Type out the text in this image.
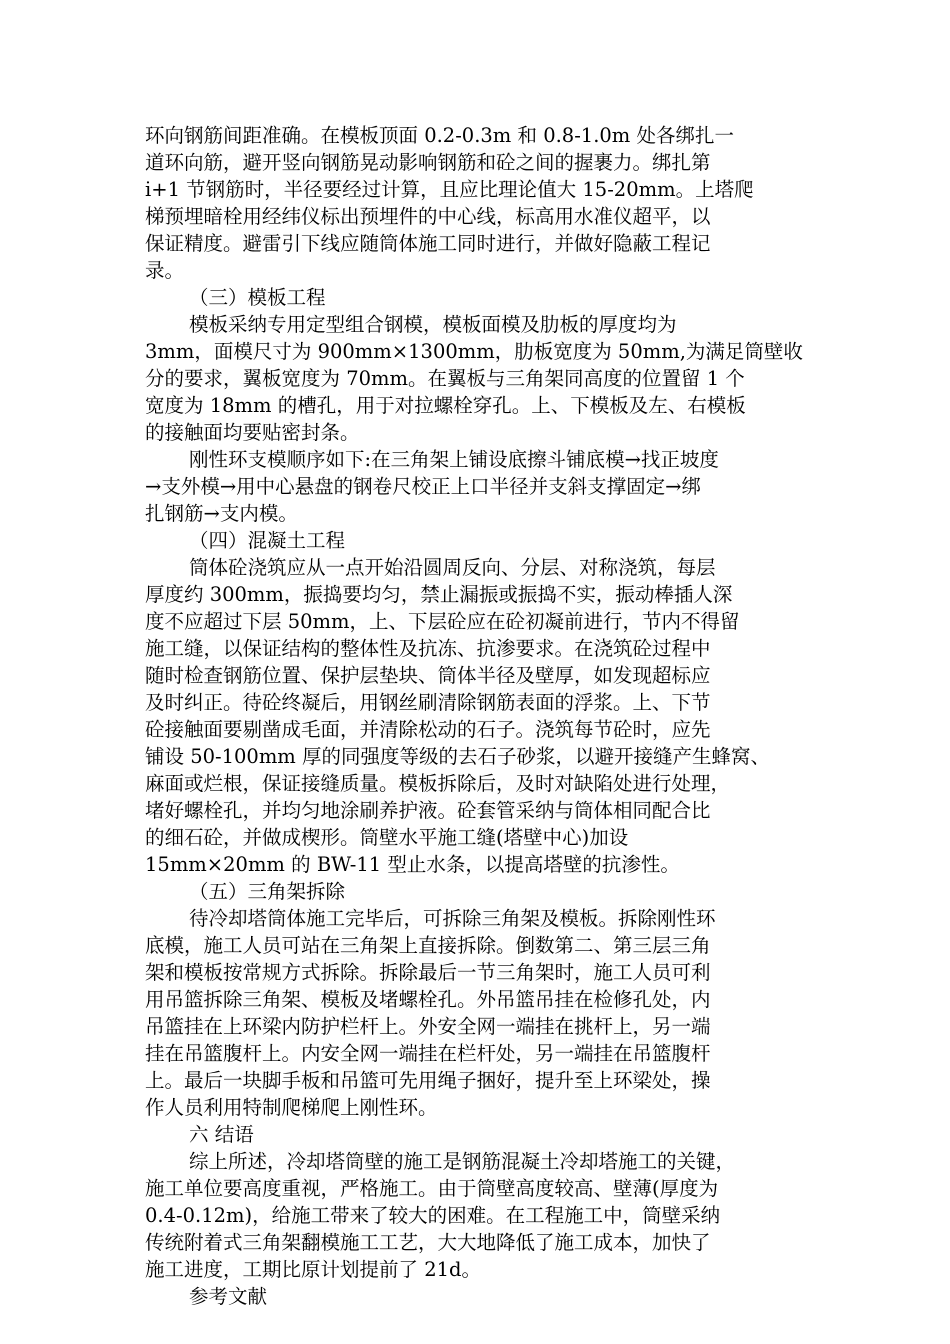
环向钢筋间距准确。在模板顶面 0.2-0.3m 和 0.8-1.0m 处各绑扎一
道环向筋，避开竖向钢筋晃动影响钢筋和砼之间的握裹力。绑扎第
i+1 节钢筋时，半径要经过计算，且应比理论值大 15-20mm。上塔爬
梯预埋暗栓用经纬仪标出预埋件的中心线，标高用水准仪超平，以
保证精度。避雷引下线应随筒体施工同时进行，并做好隐蔽工程记
录。
（三）模板工程
模板采纳专用定型组合钢模，模板面模及肋板的厚度均为
3mm，面模尺寸为 900mm×1300mm，肋板宽度为 50mm,为满足筒壁收
分的要求，翼板宽度为 70mm。在翼板与三角架同高度的位置留 1 个
宽度为 18mm 的槽孔，用于对拉螺栓穿孔。上、下模板及左、右模板
的接触面均要贴密封条。
刚性环支模顺序如下:在三角架上铺设底擦斗铺底模→找正坡度
→支外模→用中心悬盘的钢卷尺校正上口半径并支斜支撑固定→绑
扎钢筋→支内模。
（四）混凝土工程
筒体砼浇筑应从一点开始沿圆周反向、分层、对称浇筑，每层
厚度约 300mm，振捣要均匀，禁止漏振或振捣不实，振动棒插人深
度不应超过下层 50mm，上、下层砼应在砼初凝前进行，节内不得留
施工缝，以保证结构的整体性及抗冻、抗渗要求。在浇筑砼过程中
随时检查钢筋位置、保护层垫块、筒体半径及壁厚，如发现超标应
及时纠正。待砼终凝后，用钢丝刷清除钢筋表面的浮浆。上、下节
砼接触面要剔凿成毛面，并清除松动的石子。浇筑每节砼时，应先
铺设 50-100mm 厚的同强度等级的去石子砂浆，以避开接缝产生蜂窝、
麻面或烂根，保证接缝质量。模板拆除后，及时对缺陷处进行处理，
堵好螺栓孔，并均匀地涂刷养护液。砼套管采纳与筒体相同配合比
的细石砼，并做成楔形。筒壁水平施工缝(塔壁中心)加设
15mm×20mm 的 BW-11 型止水条，以提高塔壁的抗渗性。
（五）三角架拆除
待冷却塔筒体施工完毕后，可拆除三角架及模板。拆除刚性环
底模，施工人员可站在三角架上直接拆除。倒数第二、第三层三角
架和模板按常规方式拆除。拆除最后一节三角架时，施工人员可利
用吊篮拆除三角架、模板及堵螺栓孔。外吊篮吊挂在检修孔处，内
吊篮挂在上环梁内防护栏杆上。外安全网一端挂在挑杆上，另一端
挂在吊篮腹杆上。内安全网一端挂在栏杆处，另一端挂在吊篮腹杆
上。最后一块脚手板和吊篮可先用绳子捆好，提升至上环梁处，操
作人员利用特制爬梯爬上刚性环。
六 结语
综上所述，冷却塔筒壁的施工是钢筋混凝土冷却塔施工的关键，
施工单位要高度重视，严格施工。由于筒壁高度较高、壁薄(厚度为
0.4-0.12m)，给施工带来了较大的困难。在工程施工中，筒壁采纳
传统附着式三角架翻模施工工艺，大大地降低了施工成本，加快了
施工进度，工期比原计划提前了 21d。
参考文献
